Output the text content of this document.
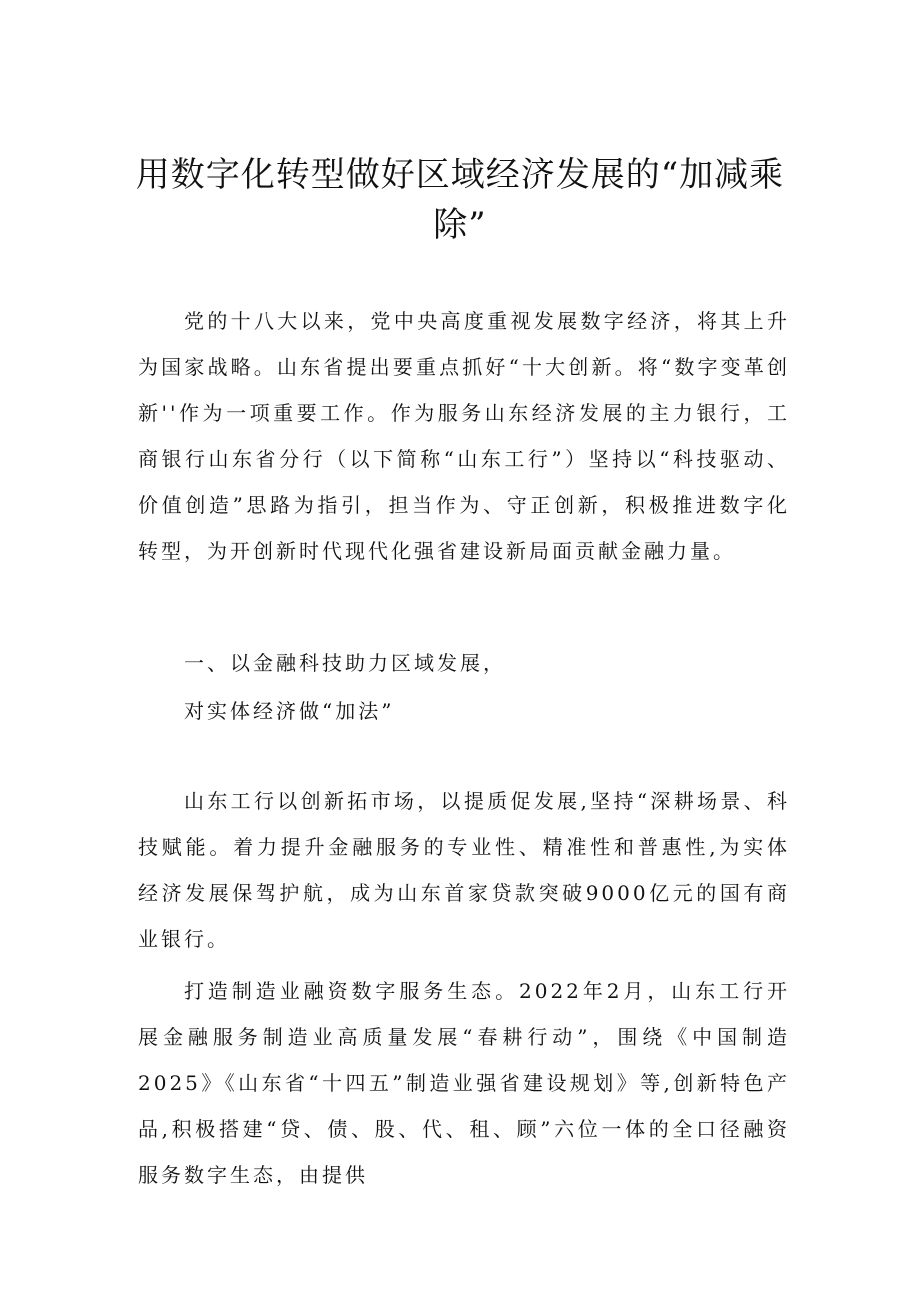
用数字化转型做好区域经济发展的“加减乘除”

党的十八大以来，党中央高度重视发展数字经济，将其上升为国家战略。山东省提出要重点抓好“十大创新。将“数字变革创新''作为一项重要工作。作为服务山东经济发展的主力银行，工商银行山东省分行（以下简称“山东工行”）坚持以“科技驱动、价值创造”思路为指引，担当作为、守正创新，积极推进数字化转型，为开创新时代现代化强省建设新局面贡献金融力量。

一、以金融科技助力区域发展，

对实体经济做“加法”

山东工行以创新拓市场，以提质促发展,坚持“深耕场景、科技赋能。着力提升金融服务的专业性、精准性和普惠性,为实体经济发展保驾护航，成为山东首家贷款突破9000亿元的国有商业银行。

打造制造业融资数字服务生态。2022年2月，山东工行开展金融服务制造业高质量发展“春耕行动”，围绕《中国制造2025》《山东省“十四五”制造业强省建设规划》等,创新特色产品,积极搭建“贷、债、股、代、租、顾”六位一体的全口径融资服务数字生态，由提供
